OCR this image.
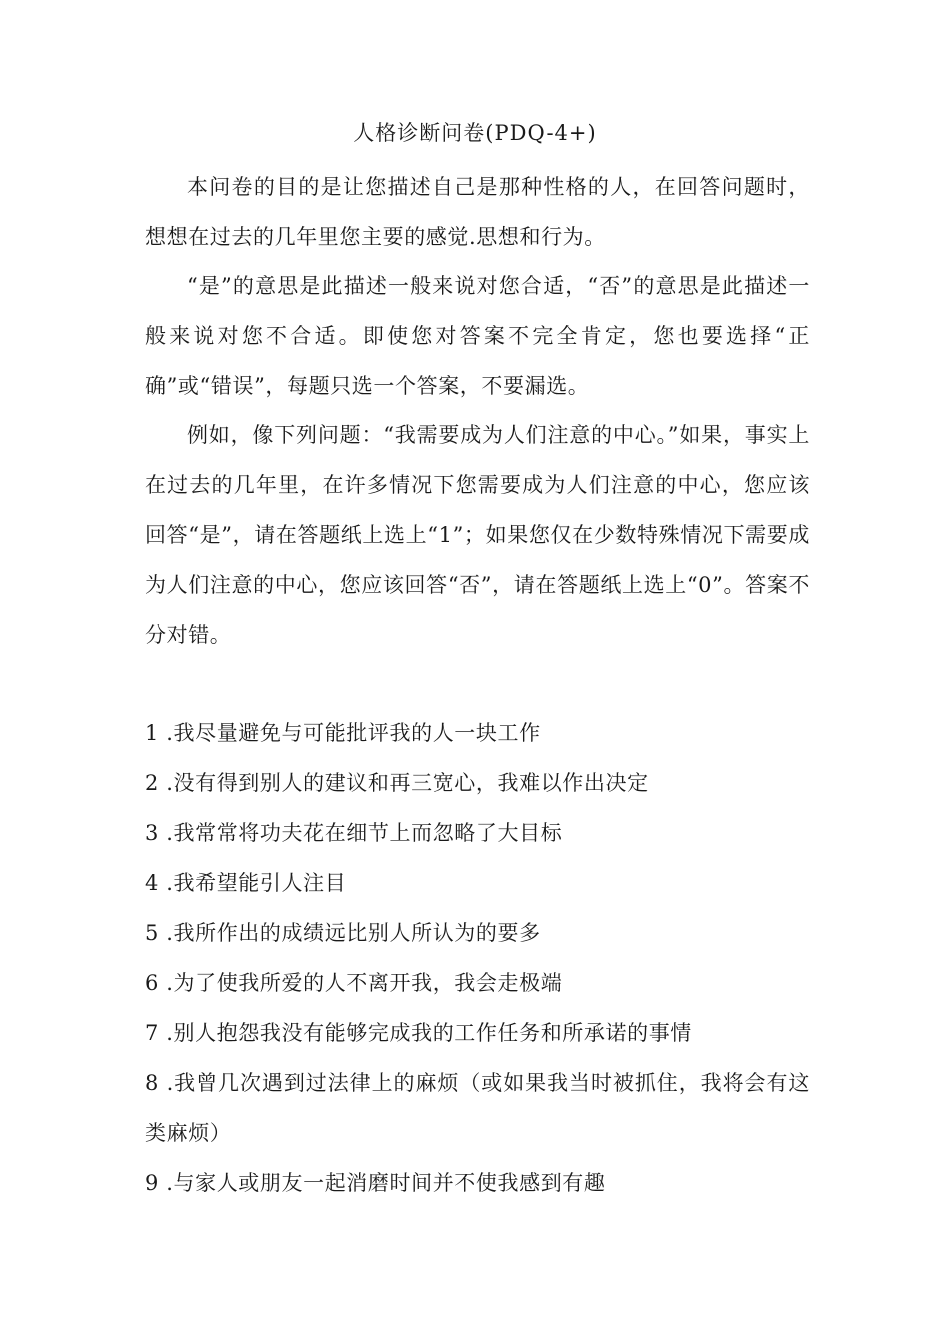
人格诊断问卷(PDQ-4+)
本问卷的目的是让您描述自己是那种性格的人，在回答问题时，想想在过去的几年里您主要的感觉.思想和行为。
“是”的意思是此描述一般来说对您合适，“否”的意思是此描述一般来说对您不合适。即使您对答案不完全肯定，您也要选择“正确”或“错误”，每题只选一个答案，不要漏选。
例如，像下列问题：“我需要成为人们注意的中心。”如果，事实上在过去的几年里，在许多情况下您需要成为人们注意的中心，您应该回答“是”，请在答题纸上选上“1”；如果您仅在少数特殊情况下需要成为人们注意的中心，您应该回答“否”，请在答题纸上选上“0”。答案不分对错。
1 .我尽量避免与可能批评我的人一块工作
2 .没有得到别人的建议和再三宽心，我难以作出决定
3 .我常常将功夫花在细节上而忽略了大目标
4 .我希望能引人注目
5 .我所作出的成绩远比别人所认为的要多
6 .为了使我所爱的人不离开我，我会走极端
7 .别人抱怨我没有能够完成我的工作任务和所承诺的事情
8 .我曾几次遇到过法律上的麻烦（或如果我当时被抓住，我将会有这类麻烦）
9 .与家人或朋友一起消磨时间并不使我感到有趣
